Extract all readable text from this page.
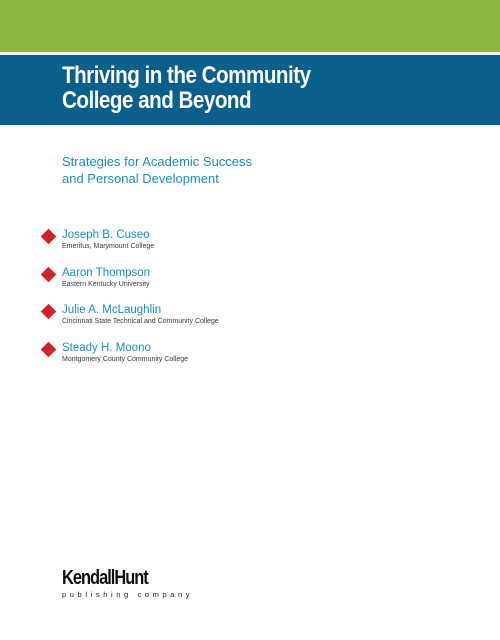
Thriving in the Community
College and Beyond

Strategies for Academic Success
and Personal Development

Joseph B. Cuseo
Emeritus, Marymount College
Aaron Thompson
Eastern Kentucky University
Julie A. McLaughlin
Cincinnati State Technical and Community College
Steady H. Moono
Montgomery County Community College
KendallHunt
publishing company
